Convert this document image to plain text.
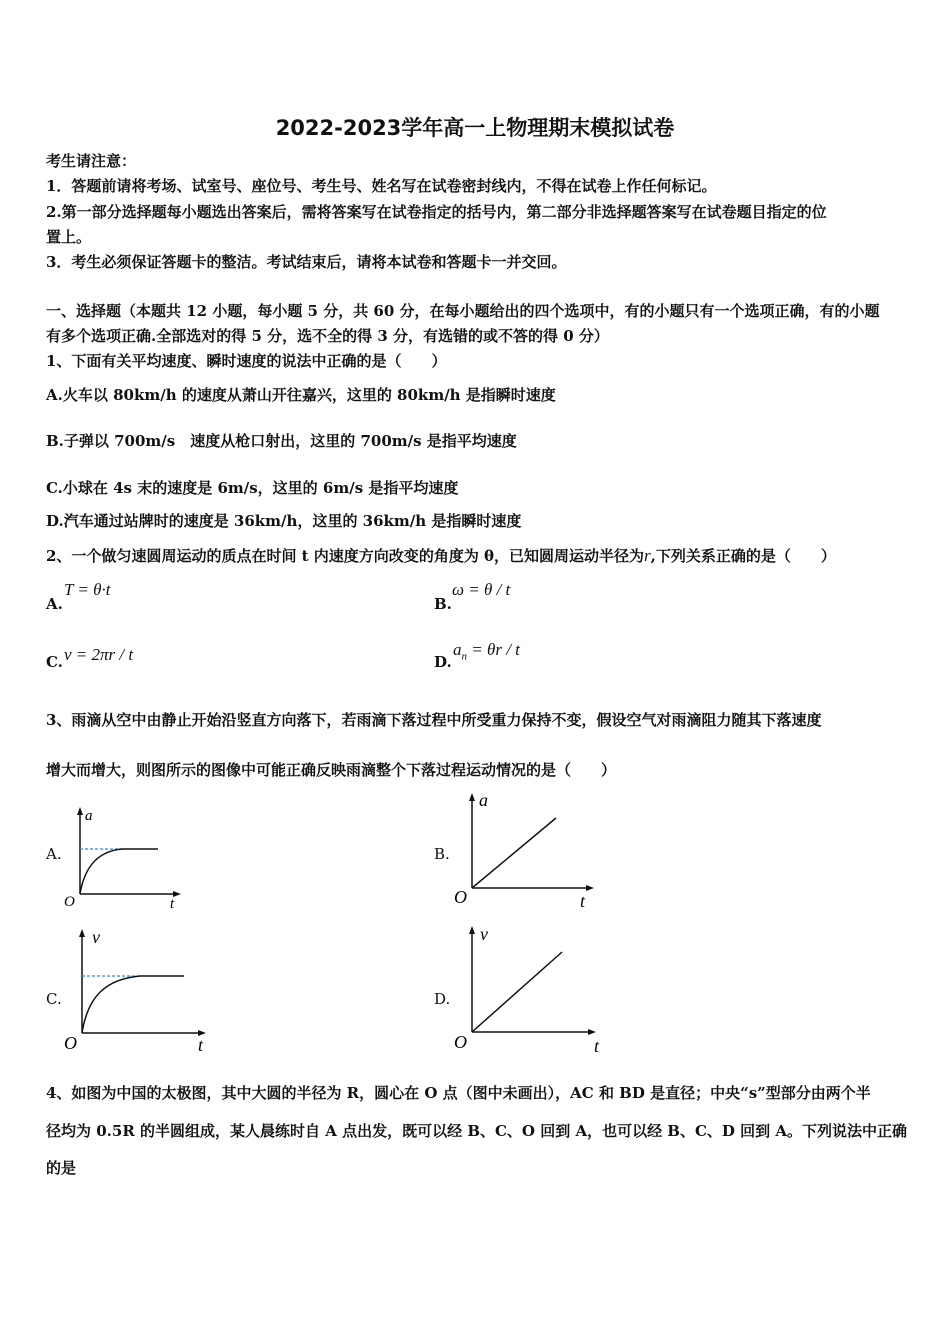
2022-2023学年高一上物理期末模拟试卷
考生请注意：
1．答题前请将考场、试室号、座位号、考生号、姓名写在试卷密封线内，不得在试卷上作任何标记。
2.第一部分选择题每小题选出答案后，需将答案写在试卷指定的括号内，第二部分非选择题答案写在试卷题目指定的位
置上。
3．考生必须保证答题卡的整洁。考试结束后，请将本试卷和答题卡一并交回。
一、选择题（本题共 12 小题，每小题 5 分，共 60 分，在每小题给出的四个选项中，有的小题只有一个选项正确，有的小题
有多个选项正确.全部选对的得 5 分，选不全的得 3 分，有选错的或不答的得 0 分）
1、下面有关平均速度、瞬时速度的说法中正确的是（　　）
A.火车以 80km/h 的速度从萧山开往嘉兴，这里的 80km/h 是指瞬时速度
B.子弹以 700m/s　速度从枪口射出，这里的 700m/s 是指平均速度
C.小球在 4s 末的速度是 6m/s，这里的 6m/s 是指平均速度
D.汽车通过站牌时的速度是 36km/h，这里的 36km/h 是指瞬时速度
2、一个做匀速圆周运动的质点在时间 t 内速度方向改变的角度为 θ，已知圆周运动半径为r,下列关系正确的是（　　）
A.
T = θ·t
B.
ω = θ / t
C. v = 2πr / t	D.
$a_n = \theta r / t$
3、雨滴从空中由静止开始沿竖直方向落下，若雨滴下落过程中所受重力保持不变，假设空气对雨滴阻力随其下落速度
增大而增大，则图所示的图像中可能正确反映雨滴整个下落过程运动情况的是（　　）
A.
a
t
O
B.
a
t
O
C.
v
t
O
D.
v
t
O
4、如图为中国的太极图，其中大圆的半径为 R，圆心在 O 点（图中未画出），AC 和 BD 是直径；中央“s”型部分由两个半
径均为 0.5R 的半圆组成，某人晨练时自 A 点出发，既可以经 B、C、O 回到 A，也可以经 B、C、D 回到 A。下列说法中正确
的是
